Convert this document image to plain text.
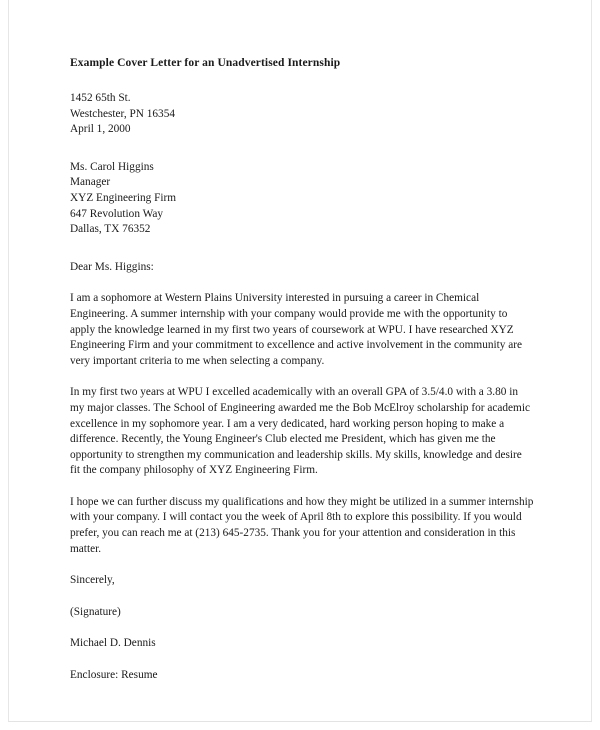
Example Cover Letter for an Unadvertised Internship

1452 65th St.

Westchester, PN 16354

April 1, 2000

Ms. Carol Higgins

Manager

XYZ Engineering Firm

647 Revolution Way

Dallas, TX 76352

Dear Ms. Higgins:

I am a sophomore at Western Plains University interested in pursuing a career in Chemical Engineering. A summer internship with your company would provide me with the opportunity to apply the knowledge learned in my first two years of coursework at WPU. I have researched XYZ Engineering Firm and your commitment to excellence and active involvement in the community are very important criteria to me when selecting a company.

In my first two years at WPU I excelled academically with an overall GPA of 3.5/4.0 with a 3.80 in my major classes. The School of Engineering awarded me the Bob McElroy scholarship for academic excellence in my sophomore year. I am a very dedicated, hard working person hoping to make a difference. Recently, the Young Engineer's Club elected me President, which has given me the opportunity to strengthen my communication and leadership skills. My skills, knowledge and desire fit the company philosophy of XYZ Engineering Firm.

I hope we can further discuss my qualifications and how they might be utilized in a summer internship with your company. I will contact you the week of April 8th to explore this possibility. If you would prefer, you can reach me at (213) 645-2735. Thank you for your attention and consideration in this matter.

Sincerely,

(Signature)

Michael D. Dennis

Enclosure: Resume
